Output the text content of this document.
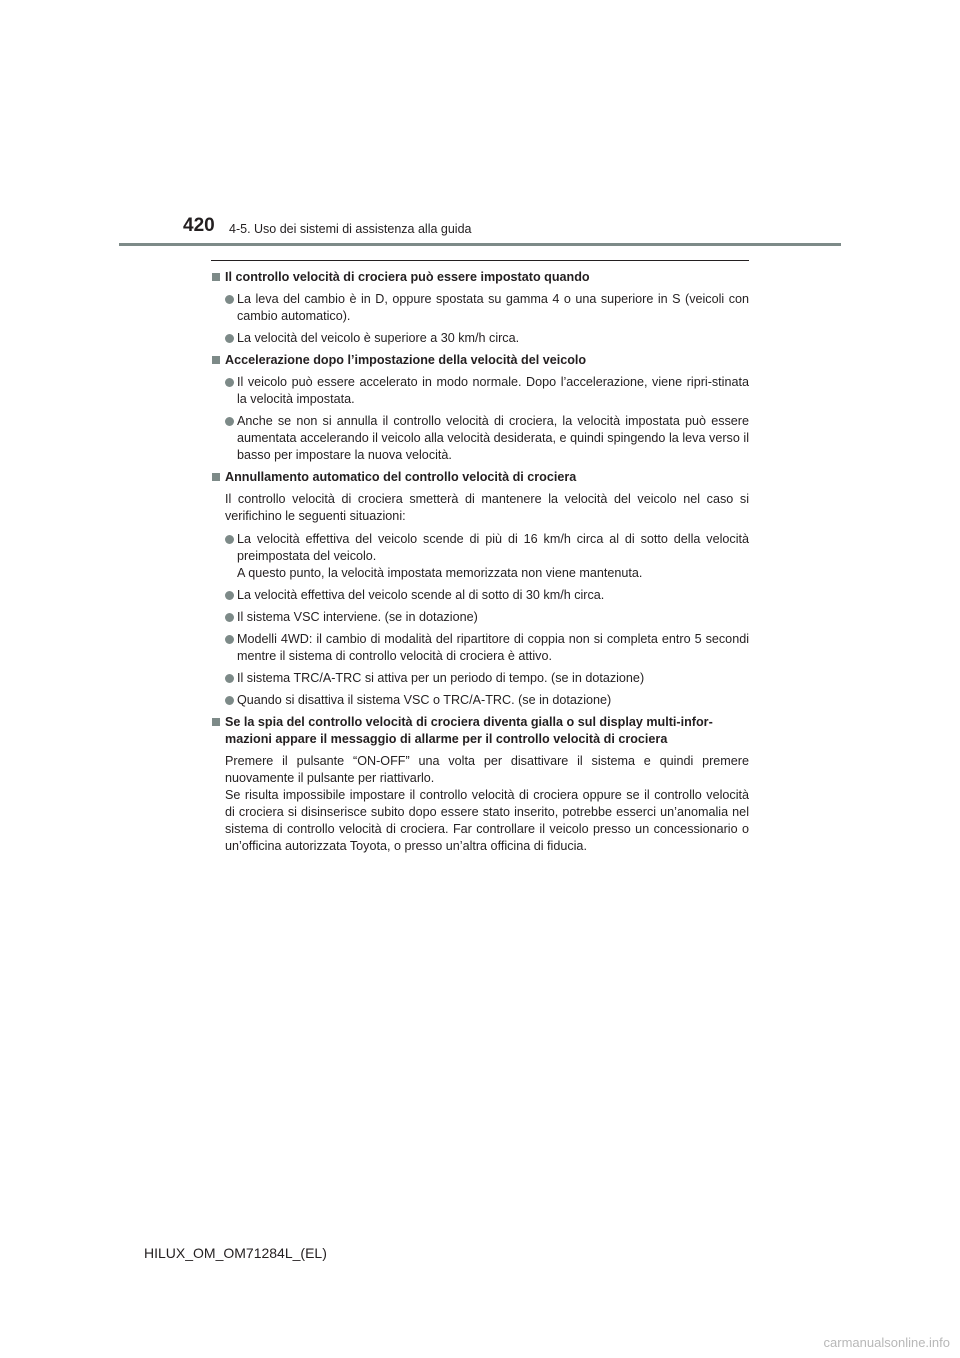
420 4-5. Uso dei sistemi di assistenza alla guida
Il controllo velocità di crociera può essere impostato quando
La leva del cambio è in D, oppure spostata su gamma 4 o una superiore in S (veicoli con cambio automatico).
La velocità del veicolo è superiore a 30 km/h circa.
Accelerazione dopo l’impostazione della velocità del veicolo
Il veicolo può essere accelerato in modo normale. Dopo l’accelerazione, viene ripri-stinata la velocità impostata.
Anche se non si annulla il controllo velocità di crociera, la velocità impostata può essere aumentata accelerando il veicolo alla velocità desiderata, e quindi spingendo la leva verso il basso per impostare la nuova velocità.
Annullamento automatico del controllo velocità di crociera
Il controllo velocità di crociera smetterà di mantenere la velocità del veicolo nel caso si verifichino le seguenti situazioni:
La velocità effettiva del veicolo scende di più di 16 km/h circa al di sotto della velocità preimpostata del veicolo.
A questo punto, la velocità impostata memorizzata non viene mantenuta.
La velocità effettiva del veicolo scende al di sotto di 30 km/h circa.
Il sistema VSC interviene. (se in dotazione)
Modelli 4WD: il cambio di modalità del ripartitore di coppia non si completa entro 5 secondi mentre il sistema di controllo velocità di crociera è attivo.
Il sistema TRC/A-TRC si attiva per un periodo di tempo. (se in dotazione)
Quando si disattiva il sistema VSC o TRC/A-TRC. (se in dotazione)
Se la spia del controllo velocità di crociera diventa gialla o sul display multi-infor-mazioni appare il messaggio di allarme per il controllo velocità di crociera
Premere il pulsante “ON-OFF” una volta per disattivare il sistema e quindi premere nuovamente il pulsante per riattivarlo.
Se risulta impossibile impostare il controllo velocità di crociera oppure se il controllo velocità di crociera si disinserisce subito dopo essere stato inserito, potrebbe esserci un’anomalia nel sistema di controllo velocità di crociera. Far controllare il veicolo presso un concessionario o un’officina autorizzata Toyota, o presso un’altra officina di fiducia.
HILUX_OM_OM71284L_(EL)
carmanualsonline.info
